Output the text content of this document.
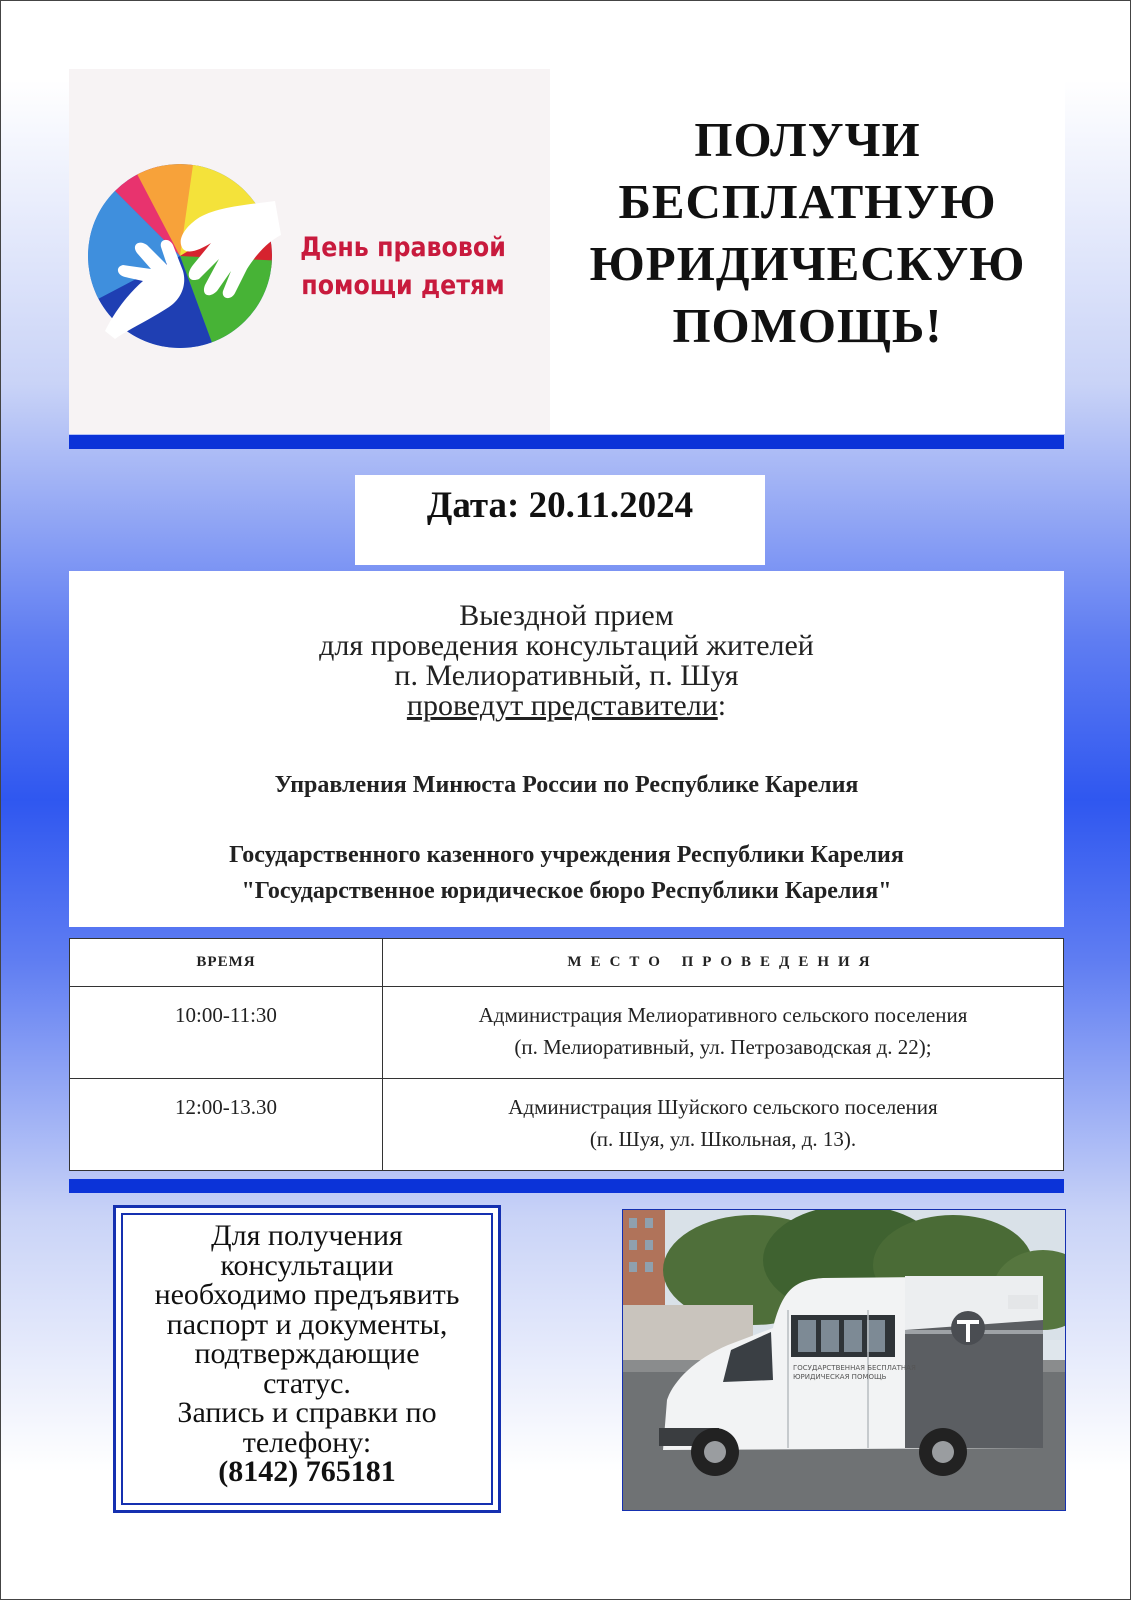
День правовой
помощи детям
ПОЛУЧИ
БЕСПЛАТНУЮ
ЮРИДИЧЕСКУЮ
ПОМОЩЬ!
Дата: 20.11.2024
Выездной прием
для проведения консультаций жителей
п. Мелиоративный, п. Шуя
проведут представители:
Управления Минюста России по Республике Карелия
Государственного казенного учреждения Республики Карелия
"Государственное юридическое бюро Республики Карелия"
ВРЕМЯ	МЕСТО ПРОВЕДЕНИЯ
10:00-11:30	Администрация Мелиоративного сельского поселения
(п. Мелиоративный, ул. Петрозаводская д. 22);

12:00-13.30	Администрация Шуйского сельского поселения
(п. Шуя, ул. Школьная, д. 13).
Для получения
консультации
необходимо предъявить
паспорт и документы,
подтверждающие
статус.
Запись и справки по
телефону:
(8142) 765181
ГОСУДАРСТВЕННАЯ БЕСПЛАТНАЯ
ЮРИДИЧЕСКАЯ ПОМОЩЬ
